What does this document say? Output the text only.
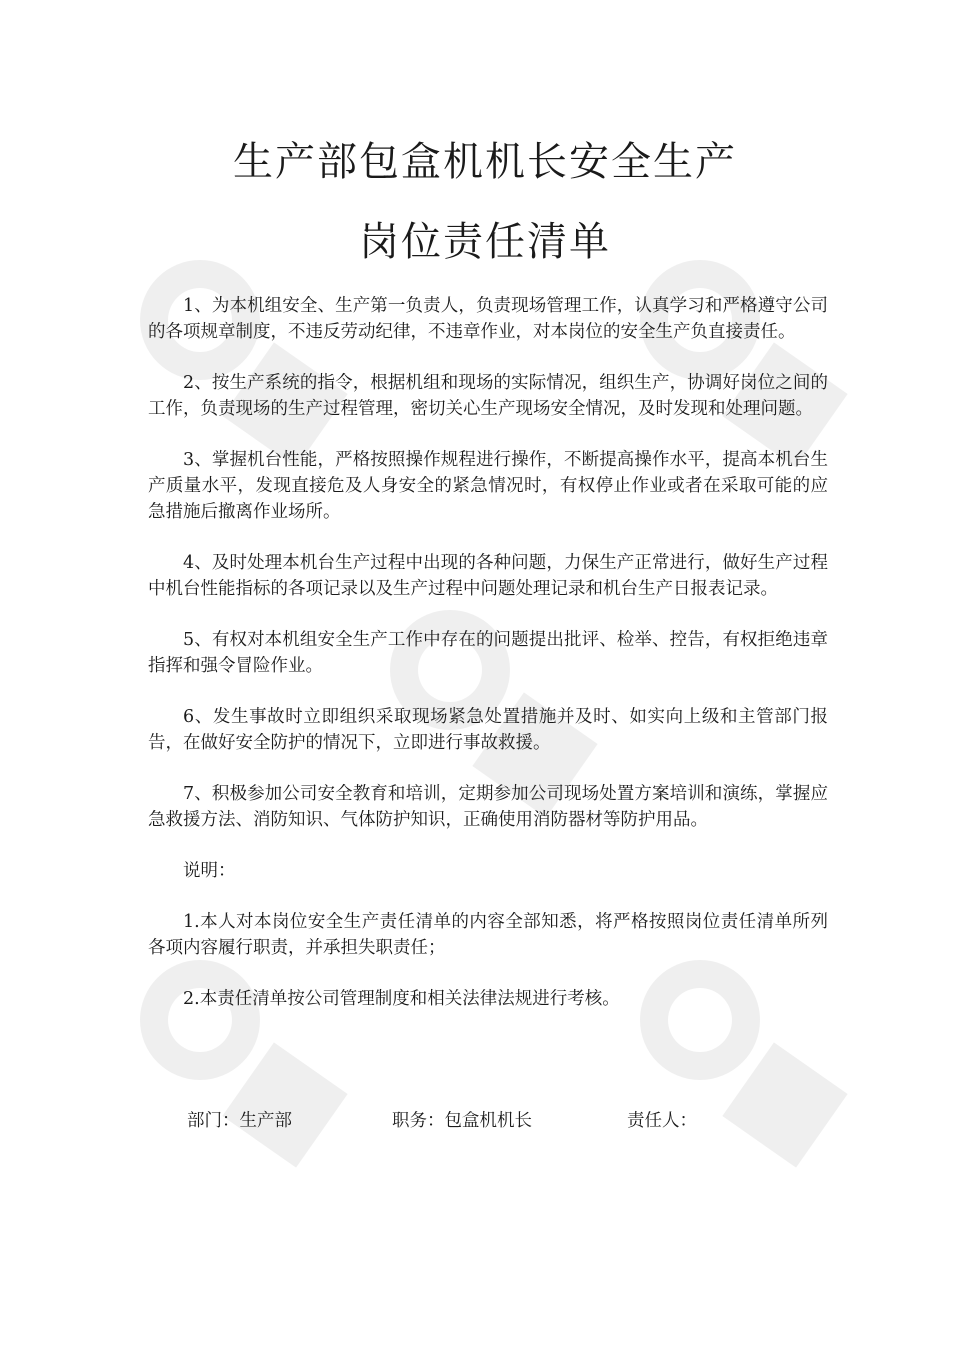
生产部包盒机机长安全生产
岗位责任清单

1、为本机组安全、生产第一负责人，负责现场管理工作，认真学习和严格遵守公司的各项规章制度，不违反劳动纪律，不违章作业，对本岗位的安全生产负直接责任。

2、按生产系统的指令，根据机组和现场的实际情况，组织生产，协调好岗位之间的工作，负责现场的生产过程管理，密切关心生产现场安全情况，及时发现和处理问题。

3、掌握机台性能，严格按照操作规程进行操作，不断提高操作水平，提高本机台生产质量水平，发现直接危及人身安全的紧急情况时，有权停止作业或者在采取可能的应急措施后撤离作业场所。

4、及时处理本机台生产过程中出现的各种问题，力保生产正常进行，做好生产过程中机台性能指标的各项记录以及生产过程中问题处理记录和机台生产日报表记录。

5、有权对本机组安全生产工作中存在的问题提出批评、检举、控告，有权拒绝违章指挥和强令冒险作业。

6、发生事故时立即组织采取现场紧急处置措施并及时、如实向上级和主管部门报告，在做好安全防护的情况下，立即进行事故救援。

7、积极参加公司安全教育和培训，定期参加公司现场处置方案培训和演练，掌握应急救援方法、消防知识、气体防护知识，正确使用消防器材等防护用品。

说明：

1.本人对本岗位安全生产责任清单的内容全部知悉，将严格按照岗位责任清单所列各项内容履行职责，并承担失职责任；

2.本责任清单按公司管理制度和相关法律法规进行考核。

部门：生产部	职务：包盒机机长	责任人：
